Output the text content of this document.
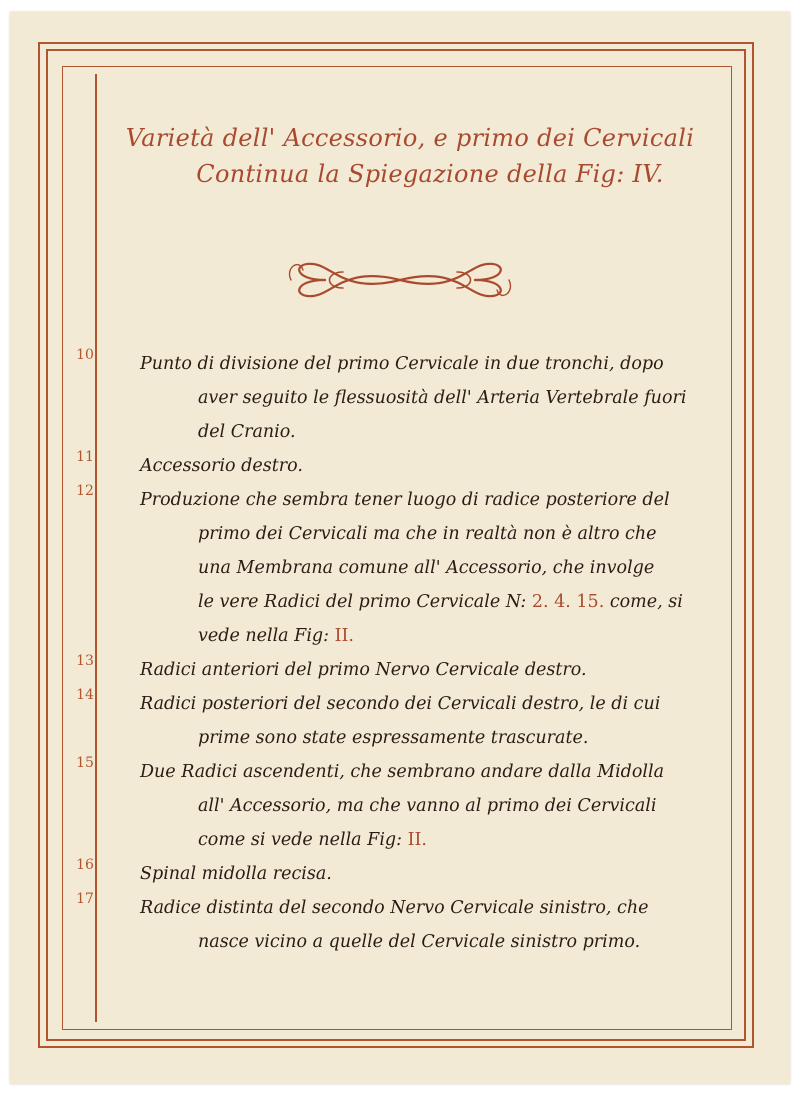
Varietà dell' Accessorio, e primo dei Cervicali
Continua la Spiegazione della Fig: IV.
10	Punto di divisione del primo Cervicale in due tronchi, dopo
aver seguito le flessuosità dell' Arteria Vertebrale fuori
del Cranio.
11	Accessorio destro.
12	Produzione che sembra tener luogo di radice posteriore del
primo dei Cervicali ma che in realtà non è altro che
una Membrana comune all' Accessorio, che involge
le vere Radici del primo Cervicale N: 2. 4. 15. come, si
vede nella Fig: II.
13	Radici anteriori del primo Nervo Cervicale destro.
14	Radici posteriori del secondo dei Cervicali destro, le di cui
prime sono state espressamente trascurate.
15	Due Radici ascendenti, che sembrano andare dalla Midolla
all' Accessorio, ma che vanno al primo dei Cervicali
come si vede nella Fig: II.
16	Spinal midolla recisa.
17	Radice distinta del secondo Nervo Cervicale sinistro, che
nasce vicino a quelle del Cervicale sinistro primo.
